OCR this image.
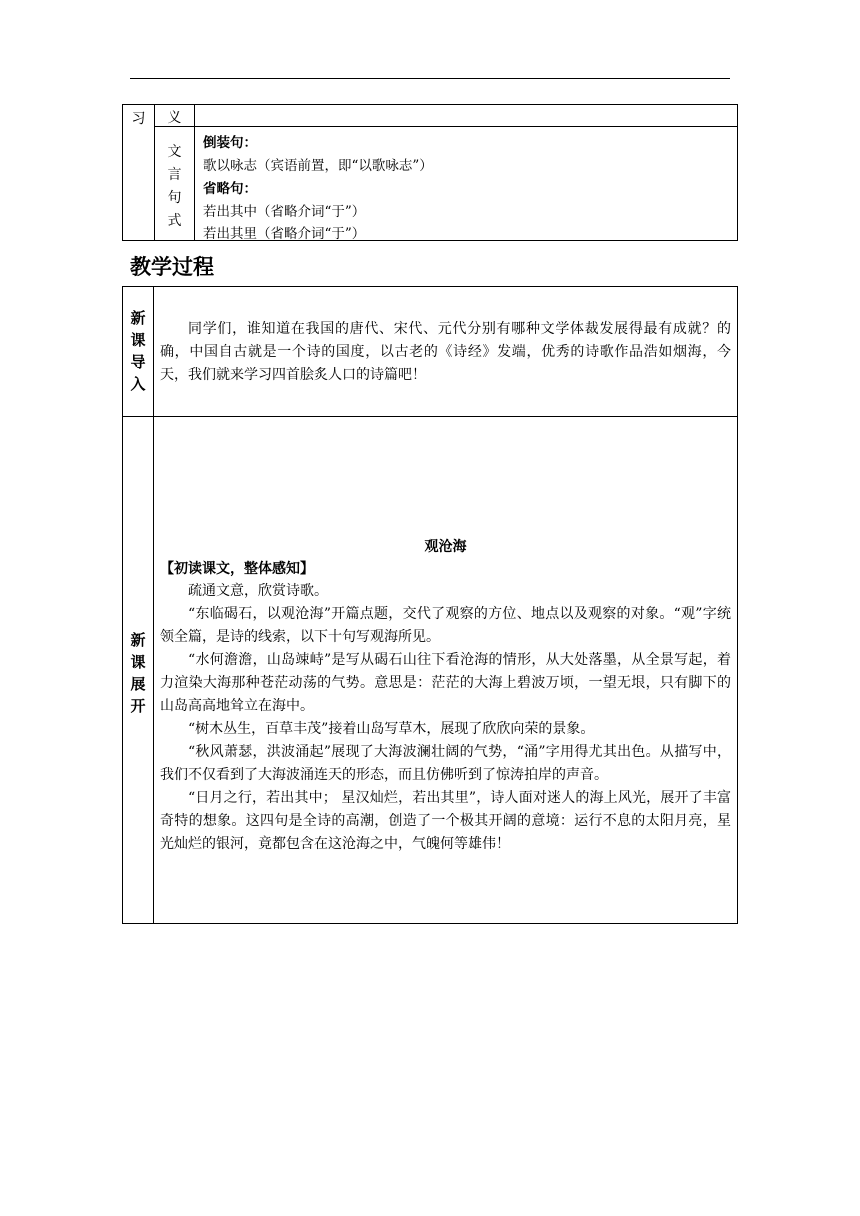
习	义
文
言
句
式
倒装句：
歌以咏志（宾语前置，即“以歌咏志”）
省略句：
若出其中（省略介词“于”）
若出其里（省略介词“于”）
教学过程
新
课
导
入
同学们，谁知道在我国的唐代、宋代、元代分别有哪种文学体裁发展得最有成就？的确，中国自古就是一个诗的国度，以古老的《诗经》发端，优秀的诗歌作品浩如烟海，今天，我们就来学习四首脍炙人口的诗篇吧！
新
课
展
开
观沧海
【初读课文，整体感知】
疏通文意，欣赏诗歌。
“东临碣石，以观沧海”开篇点题，交代了观察的方位、地点以及观察的对象。“观”字统领全篇，是诗的线索，以下十句写观海所见。
“水何澹澹，山岛竦峙”是写从碣石山往下看沧海的情形，从大处落墨，从全景写起，着力渲染大海那种苍茫动荡的气势。意思是：茫茫的大海上碧波万顷，一望无垠，只有脚下的山岛高高地耸立在海中。
“树木丛生，百草丰茂”接着山岛写草木，展现了欣欣向荣的景象。
“秋风萧瑟，洪波涌起”展现了大海波澜壮阔的气势，“涌”字用得尤其出色。从描写中，我们不仅看到了大海波涌连天的形态，而且仿佛听到了惊涛拍岸的声音。
“日月之行，若出其中； 星汉灿烂，若出其里”，诗人面对迷人的海上风光，展开了丰富奇特的想象。这四句是全诗的高潮，创造了一个极其开阔的意境：运行不息的太阳月亮，星光灿烂的银河，竟都包含在这沧海之中，气魄何等雄伟！
